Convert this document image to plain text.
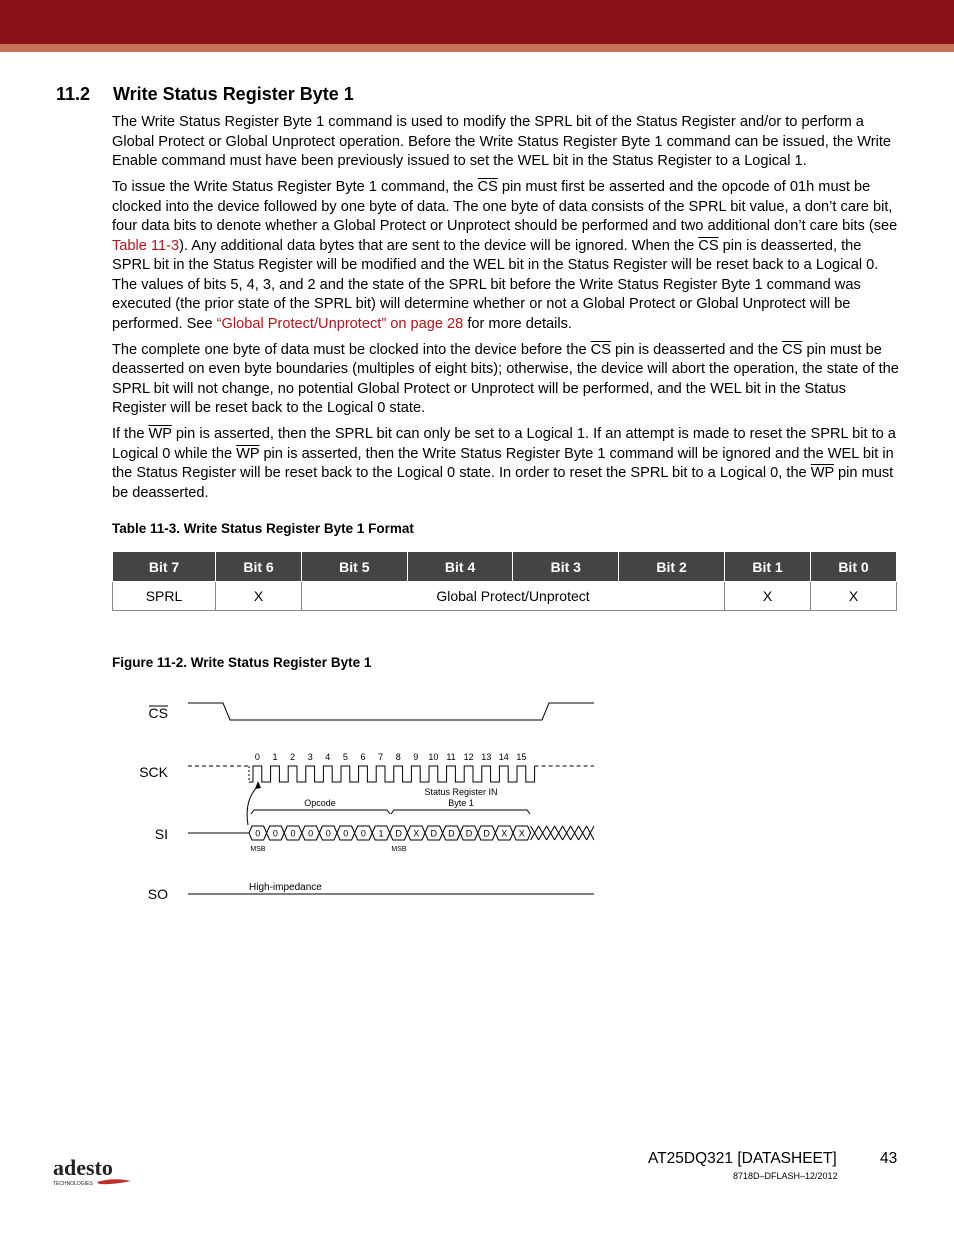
11.2 Write Status Register Byte 1

The Write Status Register Byte 1 command is used to modify the SPRL bit of the Status Register and/or to perform a Global Protect or Global Unprotect operation. Before the Write Status Register Byte 1 command can be issued, the Write Enable command must have been previously issued to set the WEL bit in the Status Register to a Logical 1.

To issue the Write Status Register Byte 1 command, the $\overline{CS}$ pin must first be asserted and the opcode of 01h must be clocked into the device followed by one byte of data. The one byte of data consists of the SPRL bit value, a don’t care bit, four data bits to denote whether a Global Protect or Unprotect should be performed and two additional don’t care bits (see Table 11-3). Any additional data bytes that are sent to the device will be ignored. When the $\overline{CS}$ pin is deasserted, the SPRL bit in the Status Register will be modified and the WEL bit in the Status Register will be reset back to a Logical 0. The values of bits 5, 4, 3, and 2 and the state of the SPRL bit before the Write Status Register Byte 1 command was executed (the prior state of the SPRL bit) will determine whether or not a Global Protect or Global Unprotect will be performed. See “Global Protect/Unprotect” on page 28 for more details.

The complete one byte of data must be clocked into the device before the $\overline{CS}$ pin is deasserted and the $\overline{CS}$ pin must be deasserted on even byte boundaries (multiples of eight bits); otherwise, the device will abort the operation, the state of the SPRL bit will not change, no potential Global Protect or Unprotect will be performed, and the WEL bit in the Status Register will be reset back to the Logical 0 state.

If the $\overline{WP}$ pin is asserted, then the SPRL bit can only be set to a Logical 1. If an attempt is made to reset the SPRL bit to a Logical 0 while the $\overline{WP}$ pin is asserted, then the Write Status Register Byte 1 command will be ignored and the WEL bit in the Status Register will be reset back to the Logical 0 state. In order to reset the SPRL bit to a Logical 0, the $\overline{WP}$ pin must be deasserted.

Table 11-3. Write Status Register Byte 1 Format
Bit 7	Bit 6	Bit 5	Bit 4	Bit 3	Bit 2	Bit 1	Bit 0
SPRL	X	Global Protect/Unprotect				X	X
Figure 11-2. Write Status Register Byte 1
CS
SCK
SI
SO
0 1 2 3 4 5 6 7 8 9 10 11 12 13 14 15
Opcode
Status Register IN
Byte 1
0 0 0 0 0 0 0 1 D X D D D D X X
MSB	MSB
High-impedance
AT25DQ321 [DATASHEET]	43
8718D–DFLASH–12/2012
adesto
TECHNOLOGIES
